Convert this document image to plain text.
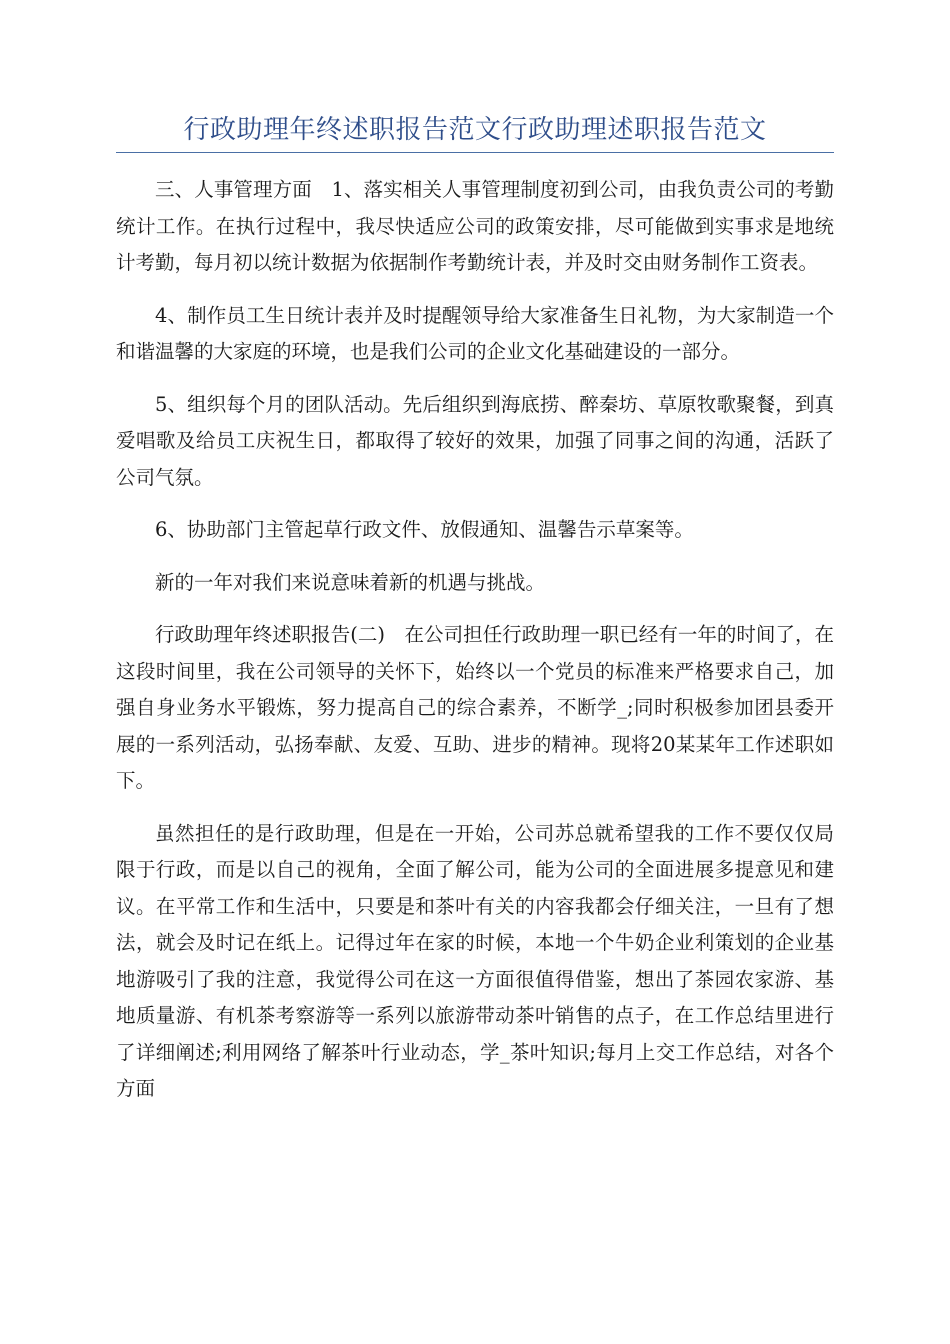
行政助理年终述职报告范文行政助理述职报告范文

三、人事管理方面　1、落实相关人事管理制度初到公司，由我负责公司的考勤统计工作。在执行过程中，我尽快适应公司的政策安排，尽可能做到实事求是地统计考勤，每月初以统计数据为依据制作考勤统计表，并及时交由财务制作工资表。

4、制作员工生日统计表并及时提醒领导给大家准备生日礼物，为大家制造一个和谐温馨的大家庭的环境，也是我们公司的企业文化基础建设的一部分。

5、组织每个月的团队活动。先后组织到海底捞、醉秦坊、草原牧歌聚餐，到真爱唱歌及给员工庆祝生日，都取得了较好的效果，加强了同事之间的沟通，活跃了公司气氛。

6、协助部门主管起草行政文件、放假通知、温馨告示草案等。

新的一年对我们来说意味着新的机遇与挑战。

行政助理年终述职报告(二)　在公司担任行政助理一职已经有一年的时间了，在这段时间里，我在公司领导的关怀下，始终以一个党员的标准来严格要求自己，加强自身业务水平锻炼，努力提高自己的综合素养，不断学_;同时积极参加团县委开展的一系列活动，弘扬奉献、友爱、互助、进步的精神。现将20某某年工作述职如下。

虽然担任的是行政助理，但是在一开始，公司苏总就希望我的工作不要仅仅局限于行政，而是以自己的视角，全面了解公司，能为公司的全面进展多提意见和建议。在平常工作和生活中，只要是和茶叶有关的内容我都会仔细关注，一旦有了想法，就会及时记在纸上。记得过年在家的时候，本地一个牛奶企业利策划的企业基地游吸引了我的注意，我觉得公司在这一方面很值得借鉴，想出了茶园农家游、基地质量游、有机茶考察游等一系列以旅游带动茶叶销售的点子，在工作总结里进行了详细阐述;利用网络了解茶叶行业动态，学_茶叶知识;每月上交工作总结，对各个方面
